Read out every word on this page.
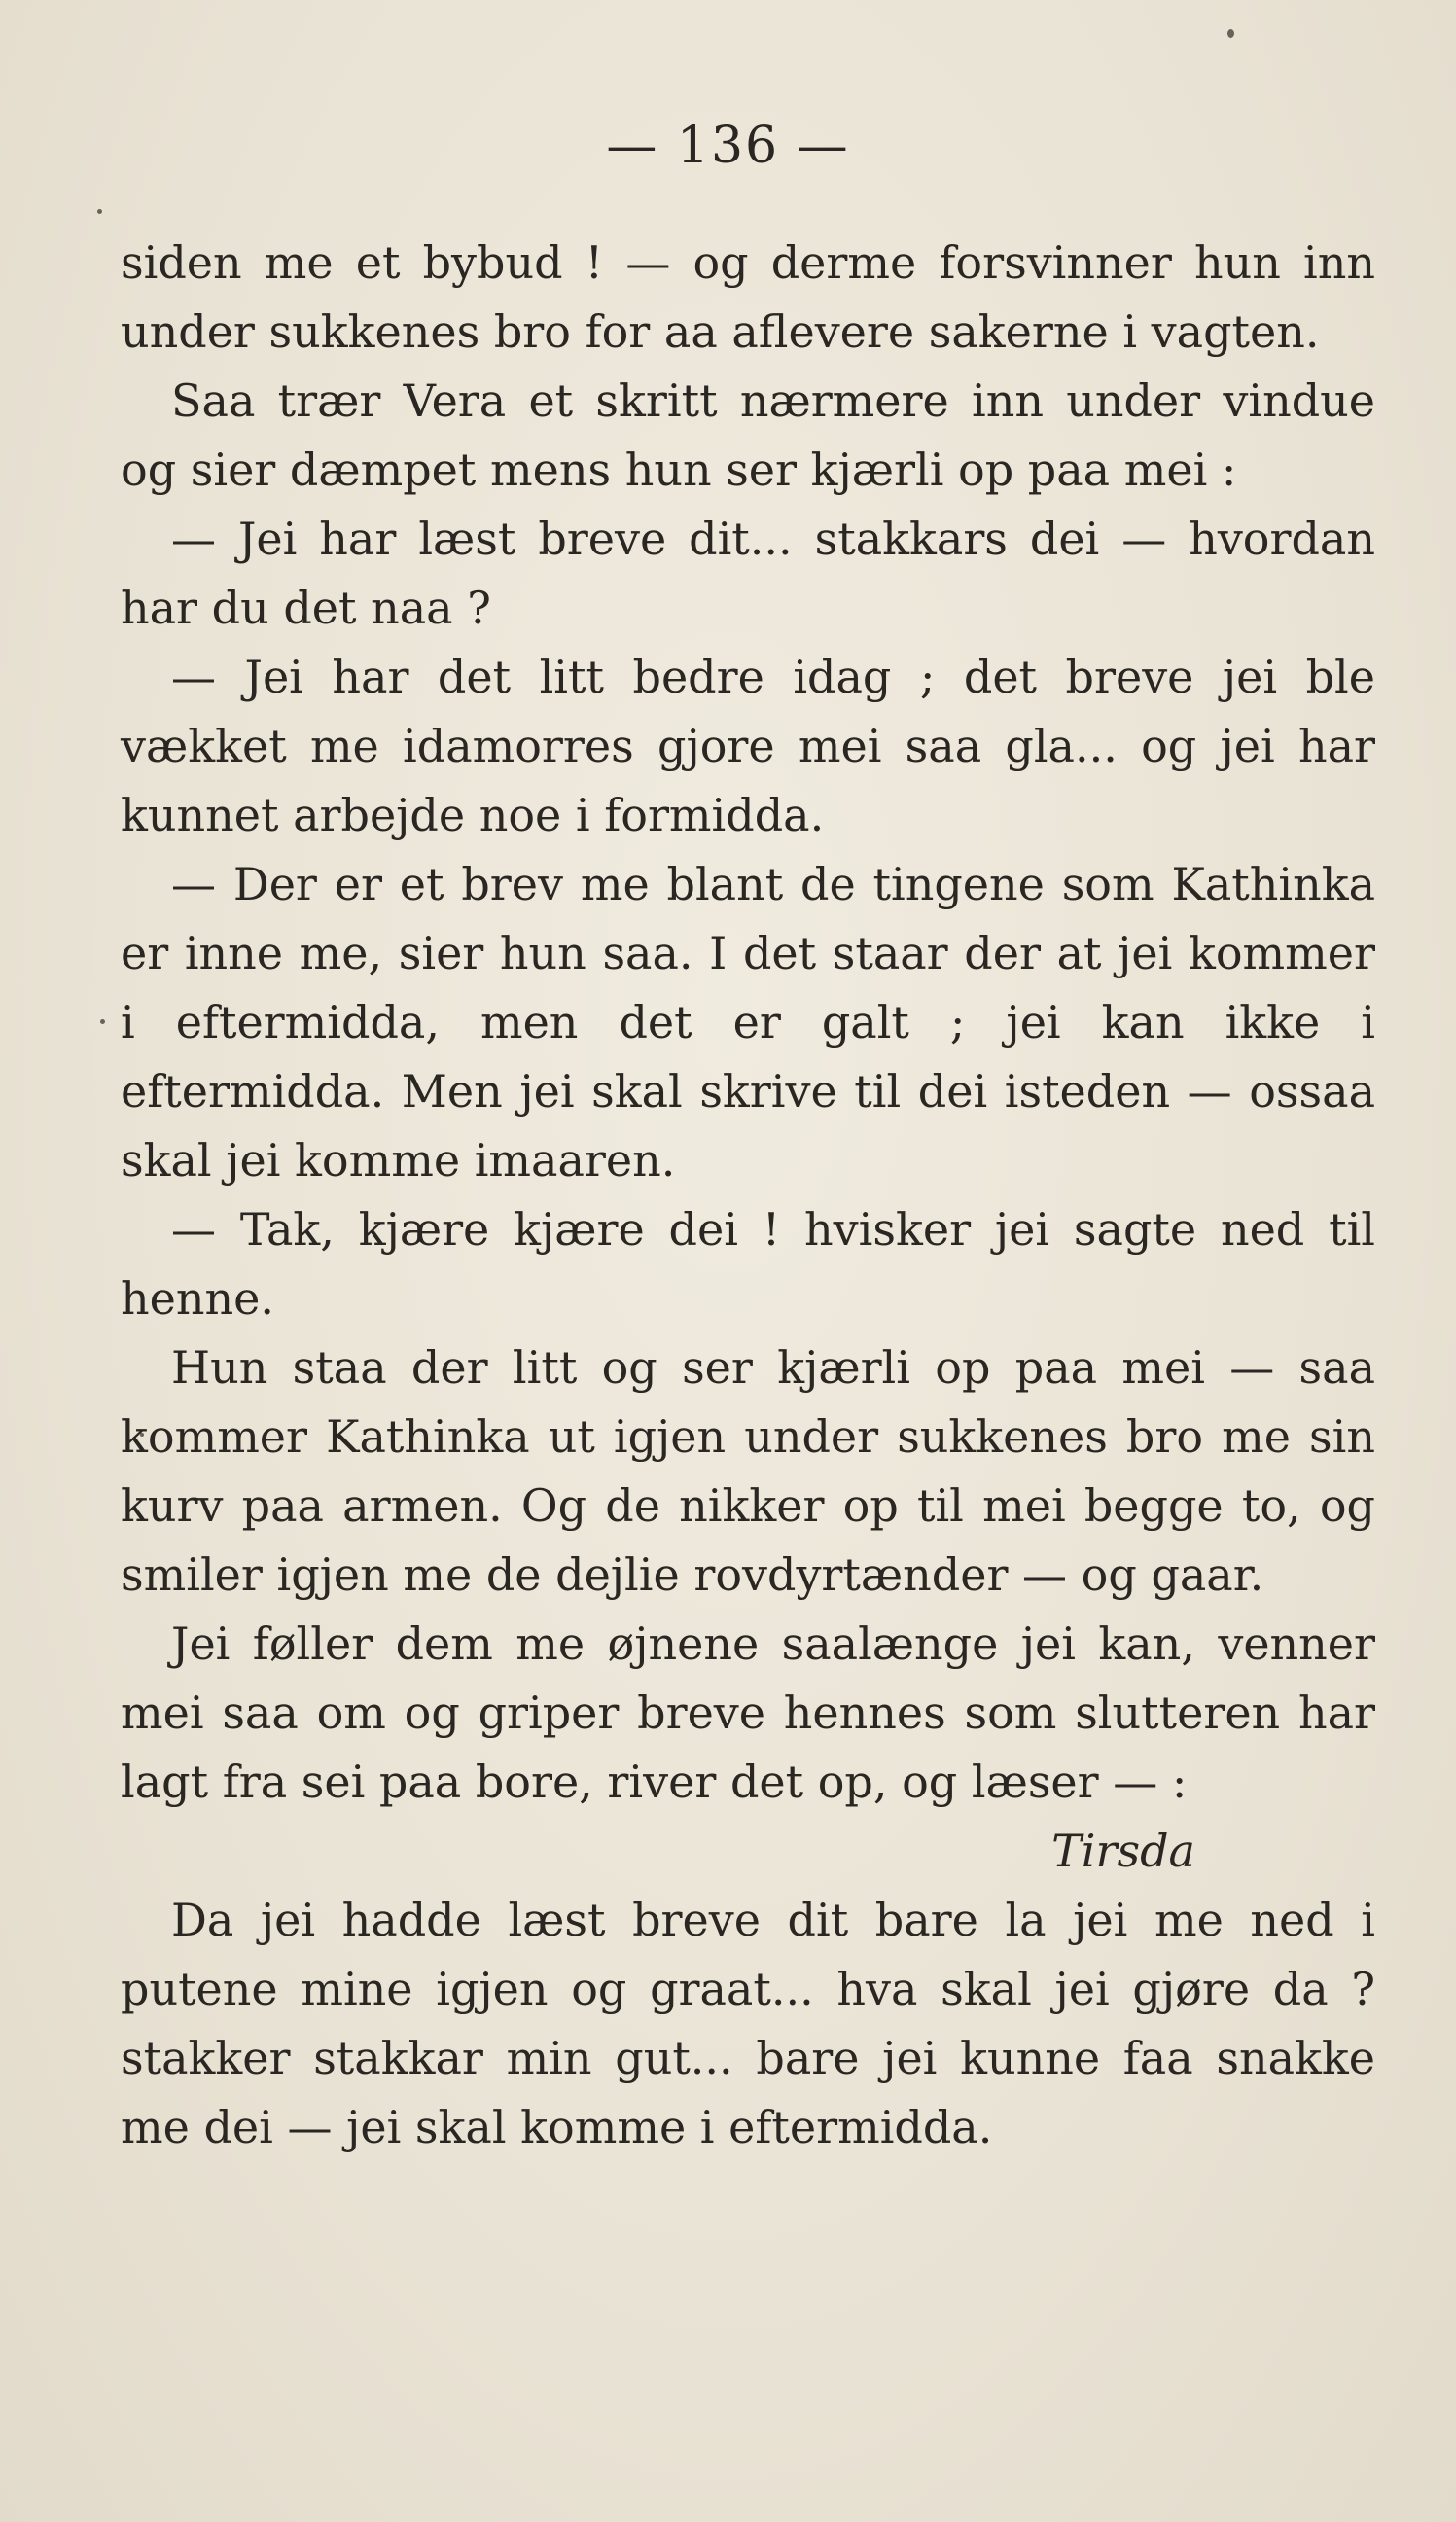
— 136 —

siden me et bybud ! — og derme forsvinner hun inn under sukkenes bro for aa aflevere sakerne i vagten.

Saa trær Vera et skritt nærmere inn under vindue og sier dæmpet mens hun ser kjærli op paa mei :

— Jei har læst breve dit... stakkars dei — hvordan har du det naa ?

— Jei har det litt bedre idag ; det breve jei ble vækket me idamorres gjore mei saa gla... og jei har kunnet arbejde noe i formidda.

— Der er et brev me blant de tingene som Kathinka er inne me, sier hun saa. I det staar der at jei kommer i eftermidda, men det er galt ; jei kan ikke i eftermidda. Men jei skal skrive til dei isteden — ossaa skal jei komme imaaren.

— Tak, kjære kjære dei ! hvisker jei sagte ned til henne.

Hun staa der litt og ser kjærli op paa mei — saa kommer Kathinka ut igjen under sukkenes bro me sin kurv paa armen. Og de nikker op til mei begge to, og smiler igjen me de dejlie rovdyrtænder — og gaar.

Jei føller dem me øjnene saalænge jei kan, venner mei saa om og griper breve hennes som slutteren har lagt fra sei paa bore, river det op, og læser — :

Tirsda

Da jei hadde læst breve dit bare la jei me ned i putene mine igjen og graat... hva skal jei gjøre da ? stakker stakkar min gut... bare jei kunne faa snakke me dei — jei skal komme i eftermidda.
